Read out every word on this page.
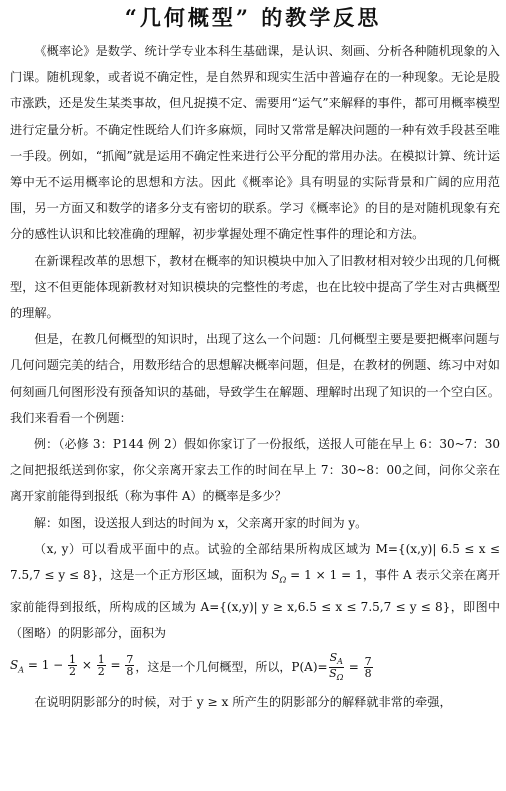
“几何概型” 的教学反思
《概率论》是数学、统计学专业本科生基础课，是认识、刻画、分析各种随机现象的入门课。随机现象，或者说不确定性，是自然界和现实生活中普遍存在的一种现象。无论是股市涨跌，还是发生某类事故，但凡捉摸不定、需要用“运气”来解释的事件，都可用概率模型进行定量分析。不确定性既给人们许多麻烦，同时又常常是解决问题的一种有效手段甚至唯一手段。例如，“抓阄”就是运用不确定性来进行公平分配的常用办法。在模拟计算、统计运筹中无不运用概率论的思想和方法。因此《概率论》具有明显的实际背景和广阔的应用范围，另一方面又和数学的诸多分支有密切的联系。学习《概率论》的目的是对随机现象有充分的感性认识和比较准确的理解，初步掌握处理不确定性事件的理论和方法。
在新课程改革的思想下，教材在概率的知识模块中加入了旧教材相对较少出现的几何概型，这不但更能体现新教材对知识模块的完整性的考虑，也在比较中提高了学生对古典概型的理解。
但是，在教几何概型的知识时，出现了这么一个问题：几何概型主要是要把概率问题与几何问题完美的结合，用数形结合的思想解决概率问题，但是，在教材的例题、练习中对如何刻画几何图形没有预备知识的基础，导致学生在解题、理解时出现了知识的一个空白区。我们来看看一个例题：
例：（必修 3：P144 例 2）假如你家订了一份报纸，送报人可能在早上 6：30~7：30 之间把报纸送到你家，你父亲离开家去工作的时间在早上 7：30~8：00之间，问你父亲在离开家前能得到报纸（称为事件 A）的概率是多少？
解：如图，设送报人到达的时间为 x，父亲离开家的时间为 y。
（x, y）可以看成平面中的点。试验的全部结果所构成区域为 M={(x,y)| 6.5 ≤ x ≤ 7.5,7 ≤ y ≤ 8}，这是一个正方形区域，面积为 $S_\Omega = 1 \times 1 = 1$，事件 A 表示父亲在离开家前能得到报纸，所构成的区域为 A={(x,y)| y ≥ x,6.5 ≤ x ≤ 7.5,7 ≤ y ≤ 8}，即图中（图略）的阴影部分，面积为
$S_A = 1 - \frac{1}{2} \times \frac{1}{2} = \frac{7}{8}$ ，这是一个几何概型，所以，$P(A)= \frac{S_A}{S_\Omega} = \frac{7}{8}$
在说明阴影部分的时候，对于 y ≥ x 所产生的阴影部分的解释就非常的牵强，
